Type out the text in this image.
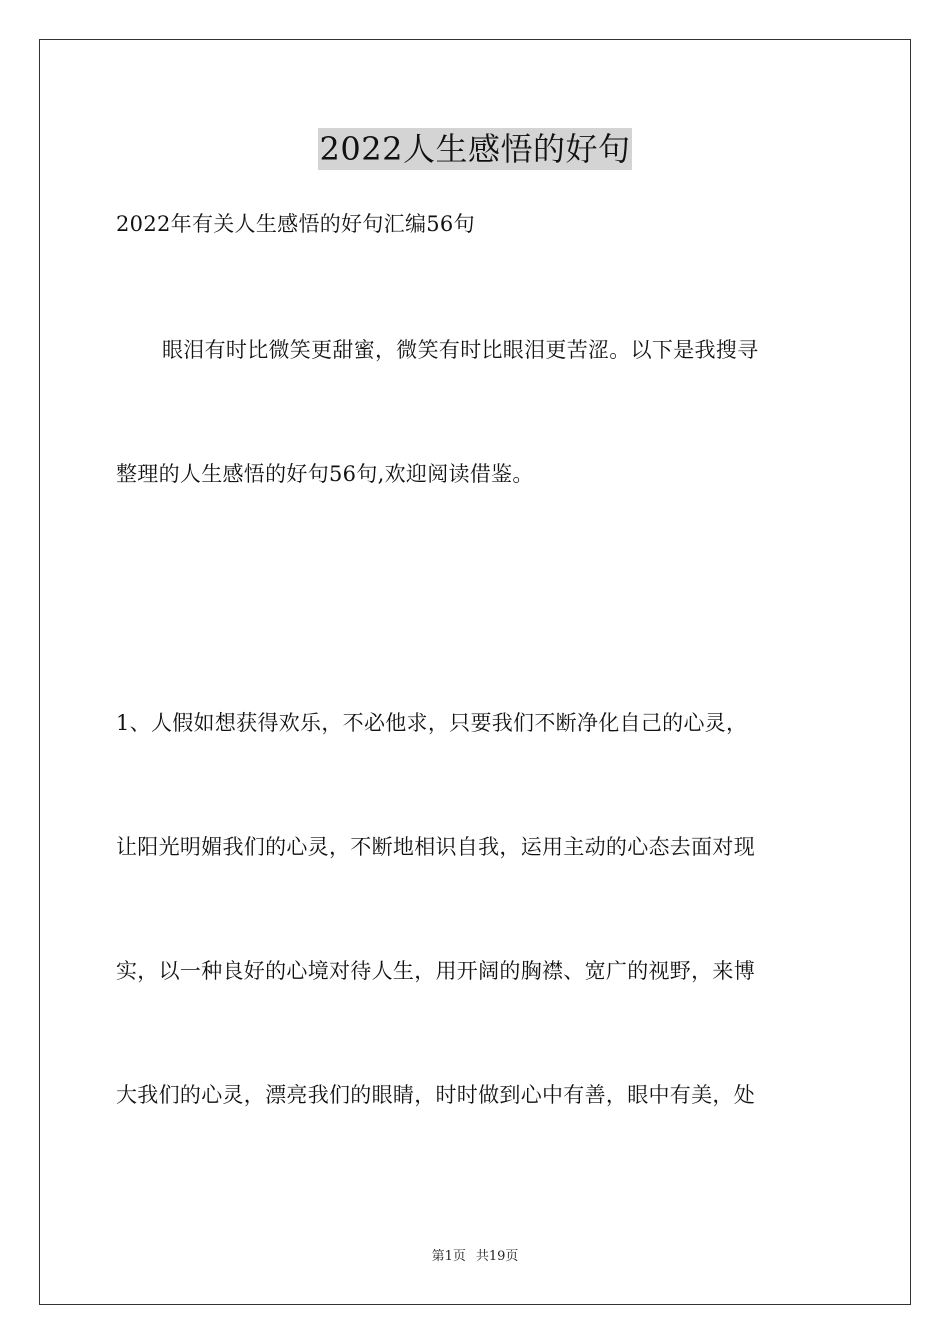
2022人生感悟的好句
2022年有关人生感悟的好句汇编56句
眼泪有时比微笑更甜蜜，微笑有时比眼泪更苦涩。以下是我搜寻
整理的人生感悟的好句56句,欢迎阅读借鉴。
1、人假如想获得欢乐，不必他求，只要我们不断净化自己的心灵，
让阳光明媚我们的心灵，不断地相识自我，运用主动的心态去面对现
实，以一种良好的心境对待人生，用开阔的胸襟、宽广的视野，来博
大我们的心灵，漂亮我们的眼睛，时时做到心中有善，眼中有美，处
第1页 共19页
